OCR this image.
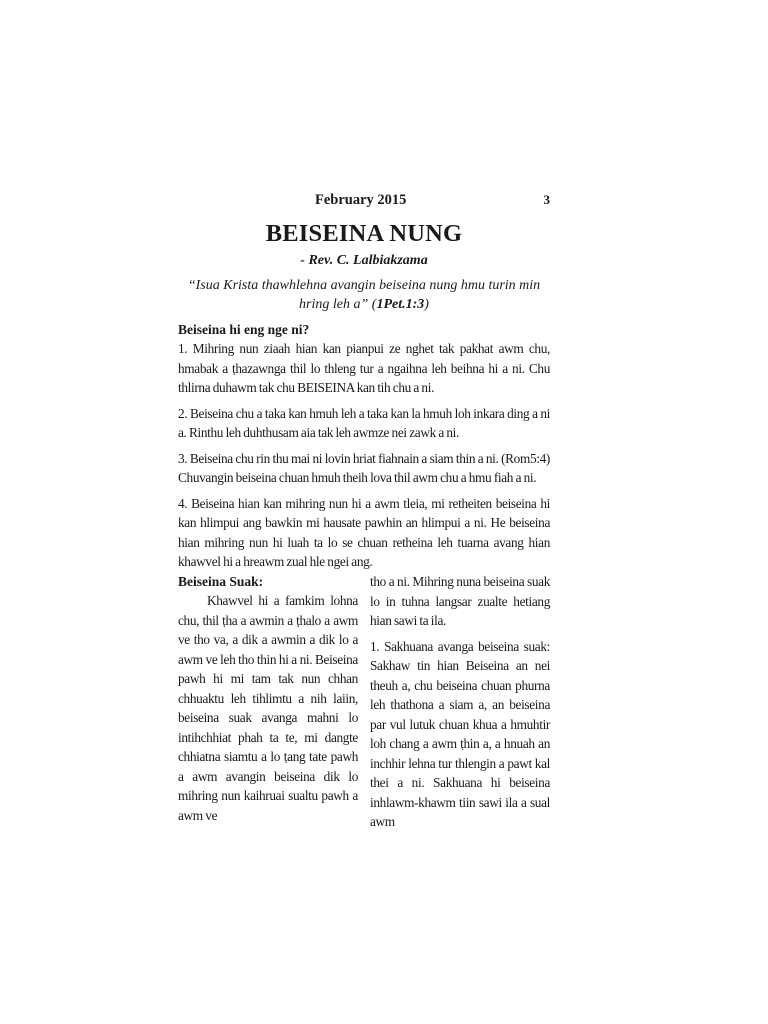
February 2015	3
BEISEINA NUNG
- Rev. C. Lalbiakzama
“Isua Krista thawhlehna avangin beiseina nung hmu turin min hring leh a” (1Pet.1:3)

Beiseina hi eng nge ni?

1. Mihring nun ziaah hian kan pianpui ze nghet tak pakhat awm chu, hmabak a ṭhazawnga thil lo thleng tur a ngaihna leh beihna hi a ni. Chu thlirna duhawm tak chu BEISEINA kan tih chu a ni.

2. Beiseina chu a taka kan hmuh leh a taka kan la hmuh loh inkara ding a ni a. Rinthu leh duhthusam aia tak leh awmze nei zawk a ni.

3. Beiseina chu rin thu mai ni lovin hriat fiahnain a siam thin a ni. (Rom5:4) Chuvangin beiseina chuan hmuh theih lova thil awm chu a hmu fiah a ni.

4. Beiseina hian kan mihring nun hi a awm tleia, mi retheiten beiseina hi kan hlimpui ang bawkin mi hausate pawhin an hlimpui a ni. He beiseina hian mihring nun hi luah ta lo se chuan retheina leh tuarna avang hian khawvel hi a hreawm zual hle ngei ang.

Beiseina Suak:

Khawvel hi a famkim lohna chu, thil ṭha a awmin a ṭhalo a awm ve tho va, a dik a awmin a dik lo a awm ve leh tho thin hi a ni. Beiseina pawh hi mi tam tak nun chhan chhuaktu leh tihlimtu a nih laiin, beiseina suak avanga mahni lo intihchhiat phah ta te, mi dangte chhiatna siamtu a lo ṭang tate pawh a awm avangin beiseina dik lo mihring nun kaihruai sualtu pawh a awm ve

tho a ni. Mihring nuna beiseina suak lo in tuhna langsar zualte hetiang hian sawi ta ila.

1. Sakhuana avanga beiseina suak: Sakhaw tin hian Beiseina an nei theuh a, chu beiseina chuan phurna leh thathona a siam a, an beiseina par vul lutuk chuan khua a hmuhtir loh chang a awm ṭhin a, a hnuah an inchhir lehna tur thlengin a pawt kal thei a ni. Sakhuana hi beiseina inhlawm-khawm tiin sawi ila a sual awm
